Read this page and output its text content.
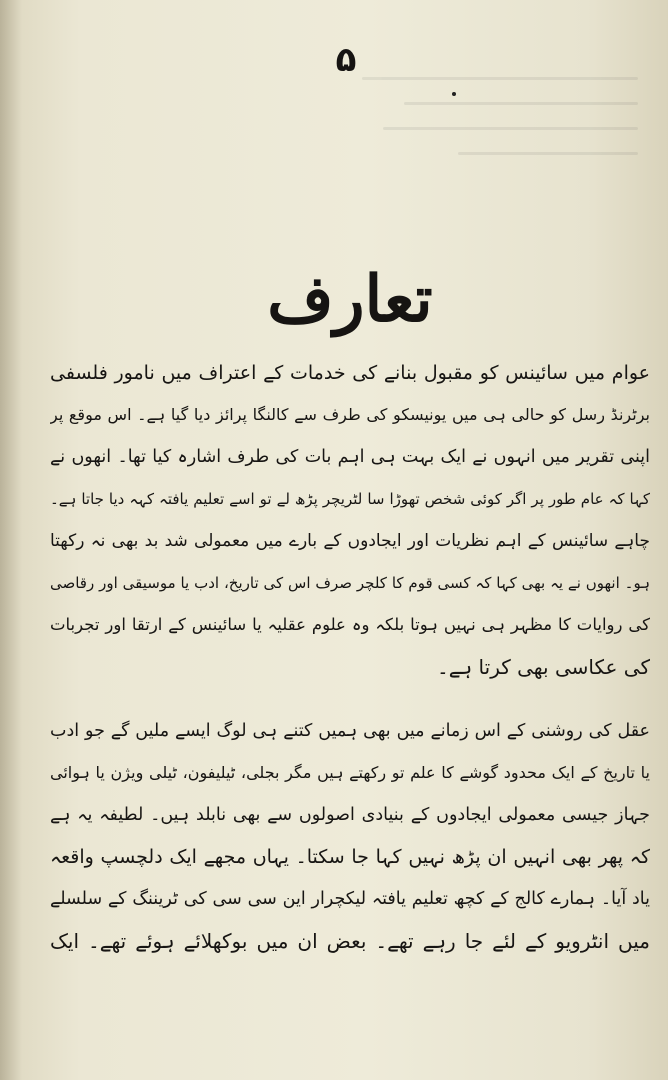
۵
تعارف
عوام میں سائینس کو مقبول بنانے کی خدمات کے اعتراف میں نامور فلسفی
برٹرنڈ رسل کو حالی ہی میں یونیسکو کی طرف سے کالنگا پرائز دیا گیا ہے۔ اس موقع پر
اپنی تقریر میں انہوں نے ایک بہت ہی اہم بات کی طرف اشارہ کیا تھا۔ انھوں نے
کہا کہ عام طور پر اگر کوئی شخص تھوڑا سا لٹریچر پڑھ لے تو اسے تعلیم یافتہ کہہ دیا جاتا ہے۔
چاہے سائینس کے اہم نظریات اور ایجادوں کے بارے میں معمولی شد بد بھی نہ رکھتا
ہو۔ انھوں نے یہ بھی کہا کہ کسی قوم کا کلچر صرف اس کی تاریخ، ادب یا موسیقی اور رقاصی
کی روایات کا مظہر ہی نہیں ہوتا بلکہ وہ علوم عقلیہ یا سائینس کے ارتقا اور تجربات
کی عکاسی بھی کرتا ہے۔
عقل کی روشنی کے اس زمانے میں بھی ہمیں کتنے ہی لوگ ایسے ملیں گے جو ادب
یا تاریخ کے ایک محدود گوشے کا علم تو رکھتے ہیں مگر بجلی، ٹیلیفون، ٹیلی ویژن یا ہوائی
جہاز جیسی معمولی ایجادوں کے بنیادی اصولوں سے بھی نابلد ہیں۔ لطیفہ یہ ہے
کہ پھر بھی انہیں ان پڑھ نہیں کہا جا سکتا۔ یہاں مجھے ایک دلچسپ واقعہ
یاد آیا۔ ہمارے کالج کے کچھ تعلیم یافتہ لیکچرار این سی سی کی ٹریننگ کے سلسلے
میں انٹرویو کے لئے جا رہے تھے۔ بعض ان میں بوکھلائے ہوئے تھے۔ ایک
